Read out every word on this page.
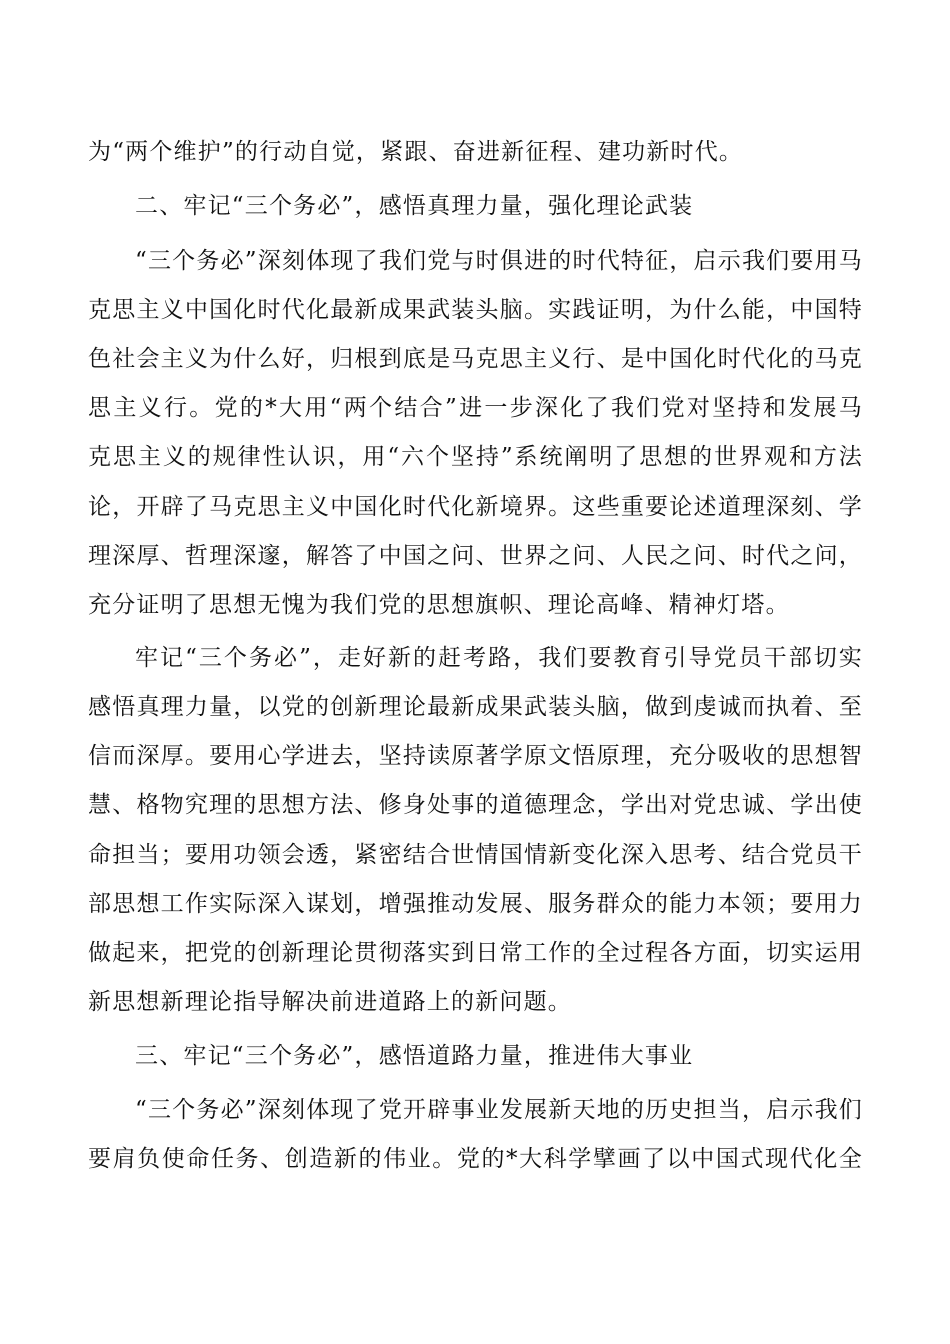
为“两个维护”的行动自觉，紧跟、奋进新征程、建功新时代。
二、牢记“三个务必”，感悟真理力量，强化理论武装
“三个务必”深刻体现了我们党与时俱进的时代特征，启示我们要用马
克思主义中国化时代化最新成果武装头脑。实践证明，为什么能，中国特
色社会主义为什么好，归根到底是马克思主义行、是中国化时代化的马克
思主义行。党的*大用“两个结合”进一步深化了我们党对坚持和发展马
克思主义的规律性认识，用“六个坚持”系统阐明了思想的世界观和方法
论，开辟了马克思主义中国化时代化新境界。这些重要论述道理深刻、学
理深厚、哲理深邃，解答了中国之问、世界之问、人民之问、时代之问，
充分证明了思想无愧为我们党的思想旗帜、理论高峰、精神灯塔。
牢记“三个务必”，走好新的赶考路，我们要教育引导党员干部切实
感悟真理力量，以党的创新理论最新成果武装头脑，做到虔诚而执着、至
信而深厚。要用心学进去，坚持读原著学原文悟原理，充分吸收的思想智
慧、格物究理的思想方法、修身处事的道德理念，学出对党忠诚、学出使
命担当；要用功领会透，紧密结合世情国情新变化深入思考、结合党员干
部思想工作实际深入谋划，增强推动发展、服务群众的能力本领；要用力
做起来，把党的创新理论贯彻落实到日常工作的全过程各方面，切实运用
新思想新理论指导解决前进道路上的新问题。
三、牢记“三个务必”，感悟道路力量，推进伟大事业
“三个务必”深刻体现了党开辟事业发展新天地的历史担当，启示我们
要肩负使命任务、创造新的伟业。党的*大科学擘画了以中国式现代化全
